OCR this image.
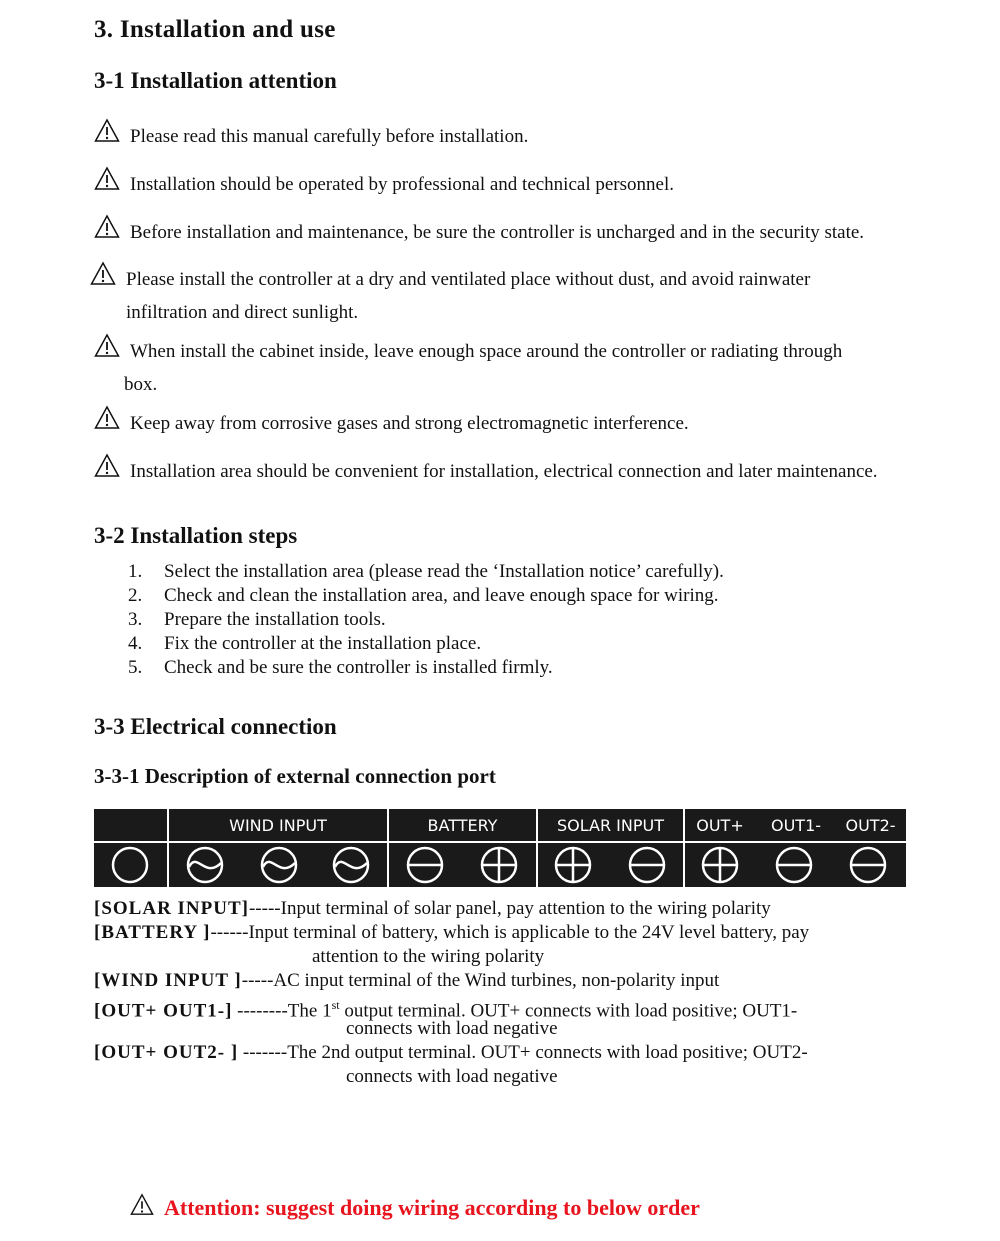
3. Installation and use
3-1 Installation attention
Please read this manual carefully before installation.
Installation should be operated by professional and technical personnel.
Before installation and maintenance, be sure the controller is uncharged and in the security state.
Please install the controller at a dry and ventilated place without dust, and avoid rainwater
infiltration and direct sunlight.
When install the cabinet inside, leave enough space around the controller or radiating through
box.
Keep away from corrosive gases and strong electromagnetic interference.
Installation area should be convenient for installation, electrical connection and later maintenance.
3-2 Installation steps
1. Select the installation area (please read the ‘Installation notice’ carefully).
2. Check and clean the installation area, and leave enough space for wiring.
3. Prepare the installation tools.
4. Fix the controller at the installation place.
5. Check and be sure the controller is installed firmly.
3-3 Electrical connection
3-3-1 Description of external connection port
WIND INPUT	BATTERY	SOLAR INPUT	OUT+	OUT1-	OUT2-
[SOLAR INPUT]-----Input terminal of solar panel, pay attention to the wiring polarity
[BATTERY ]------Input terminal of battery, which is applicable to the 24V level battery, pay
attention to the wiring polarity
[WIND INPUT ]-----AC input terminal of the Wind turbines, non-polarity input
[OUT+ OUT1-] --------The 1st output terminal. OUT+ connects with load positive; OUT1-
connects with load negative
[OUT+ OUT2- ] -------The 2nd output terminal. OUT+ connects with load positive; OUT2-
connects with load negative
Attention: suggest doing wiring according to below order
